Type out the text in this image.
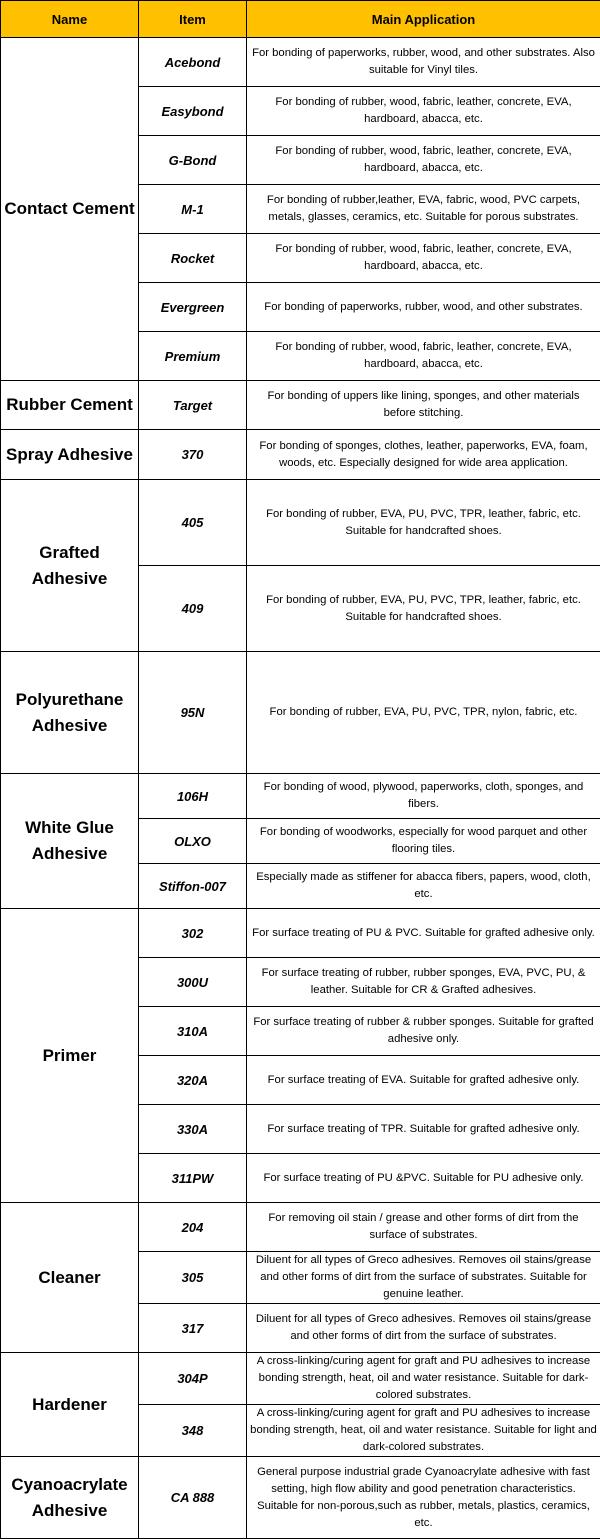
Name	Item	Main Application
Contact Cement	Acebond	For bonding of paperworks, rubber, wood, and other substrates. Also suitable for Vinyl tiles.
	Easybond	For bonding of rubber, wood, fabric, leather, concrete, EVA, hardboard, abacca, etc.
	G-Bond	For bonding of rubber, wood, fabric, leather, concrete, EVA, hardboard, abacca, etc.
	M-1	For bonding of rubber,leather, EVA, fabric, wood, PVC carpets, metals, glasses, ceramics, etc. Suitable for porous substrates.
	Rocket	For bonding of rubber, wood, fabric, leather, concrete, EVA, hardboard, abacca, etc.
	Evergreen	For bonding of paperworks, rubber, wood, and other substrates.
	Premium	For bonding of rubber, wood, fabric, leather, concrete, EVA, hardboard, abacca, etc.
Rubber Cement	Target	For bonding of uppers like lining, sponges, and other materials before stitching.
Spray Adhesive	370	For bonding of sponges, clothes, leather, paperworks, EVA, foam, woods, etc. Especially designed for wide area application.
Grafted Adhesive	405	For bonding of rubber, EVA, PU, PVC, TPR, leather, fabric, etc. Suitable for handcrafted shoes.
	409	For bonding of rubber, EVA, PU, PVC, TPR, leather, fabric, etc. Suitable for handcrafted shoes.
Polyurethane Adhesive	95N	For bonding of rubber, EVA, PU, PVC, TPR, nylon, fabric, etc.
White Glue Adhesive	106H	For bonding of wood, plywood, paperworks, cloth, sponges, and fibers.
	OLXO	For bonding of woodworks, especially for wood parquet and other flooring tiles.
	Stiffon-007	Especially made as stiffener for abacca fibers, papers, wood, cloth, etc.
Primer	302	For surface treating of PU & PVC. Suitable for grafted adhesive only.
	300U	For surface treating of rubber, rubber sponges, EVA, PVC, PU, & leather. Suitable for CR & Grafted adhesives.
	310A	For surface treating of rubber & rubber sponges. Suitable for grafted adhesive only.
	320A	For surface treating of EVA. Suitable for grafted adhesive only.
	330A	For surface treating of TPR. Suitable for grafted adhesive only.
	311PW	For surface treating of PU &PVC. Suitable for PU adhesive only.
Cleaner	204	For removing oil stain / grease and other forms of dirt from the surface of substrates.
	305	Diluent for all types of Greco adhesives. Removes oil stains/grease and other forms of dirt from the surface of substrates. Suitable for genuine leather.
	317	Diluent for all types of Greco adhesives. Removes oil stains/grease and other forms of dirt from the surface of substrates.
Hardener	304P	A cross-linking/curing agent for graft and PU adhesives to increase bonding strength, heat, oil and water resistance. Suitable for dark-colored substrates.
	348	A cross-linking/curing agent for graft and PU adhesives to increase bonding strength, heat, oil and water resistance. Suitable for light and dark-colored substrates.
Cyanoacrylate Adhesive	CA 888	General purpose industrial grade Cyanoacrylate adhesive with fast setting, high flow ability and good penetration characteristics. Suitable for non-porous,such as rubber, metals, plastics, ceramics, etc.
